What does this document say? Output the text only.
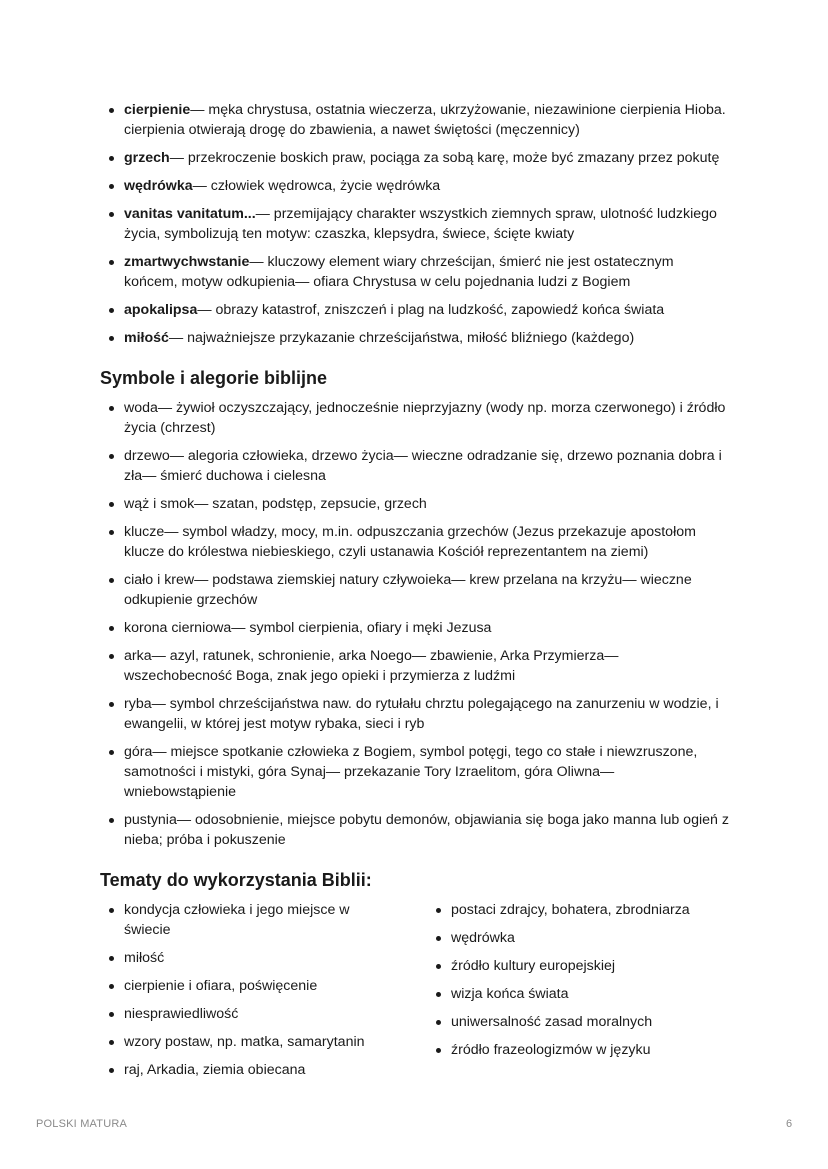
cierpienie— męka chrystusa, ostatnia wieczerza, ukrzyżowanie, niezawinione cierpienia Hioba. cierpienia otwierają drogę do zbawienia, a nawet świętości (męczennicy)
grzech— przekroczenie boskich praw, pociąga za sobą karę, może być zmazany przez pokutę
wędrówka— człowiek wędrowca, życie wędrówka
vanitas vanitatum...— przemijający charakter wszystkich ziemnych spraw, ulotność ludzkiego życia, symbolizują ten motyw: czaszka, klepsydra, świece, ścięte kwiaty
zmartwychwstanie— kluczowy element wiary chrześcijan, śmierć nie jest ostatecznym końcem, motyw odkupienia— ofiara Chrystusa w celu pojednania ludzi z Bogiem
apokalipsa— obrazy katastrof, zniszczeń i plag na ludzkość, zapowiedź końca świata
miłość— najważniejsze przykazanie chrześcijaństwa, miłość bliźniego (każdego)
Symbole i alegorie biblijne
woda— żywioł oczyszczający, jednocześnie nieprzyjazny (wody np. morza czerwonego) i źródło życia (chrzest)
drzewo— alegoria człowieka, drzewo życia— wieczne odradzanie się, drzewo poznania dobra i zła— śmierć duchowa i cielesna
wąż i smok— szatan, podstęp, zepsucie, grzech
klucze— symbol władzy, mocy, m.in. odpuszczania grzechów (Jezus przekazuje apostołom klucze do królestwa niebieskiego, czyli ustanawia Kościół reprezentantem na ziemi)
ciało i krew— podstawa ziemskiej natury czływoieka— krew przelana na krzyżu— wieczne odkupienie grzechów
korona cierniowa— symbol cierpienia, ofiary i męki Jezusa
arka— azyl, ratunek, schronienie, arka Noego— zbawienie, Arka Przymierza— wszechobecność Boga, znak jego opieki i przymierza z ludźmi
ryba— symbol chrześcijaństwa naw. do rytułału chrztu polegającego na zanurzeniu w wodzie, i ewangelii, w której jest motyw rybaka, sieci i ryb
góra— miejsce spotkanie człowieka z Bogiem, symbol potęgi, tego co stałe i niewzruszone, samotności i mistyki, góra Synaj— przekazanie Tory Izraelitom, góra Oliwna— wniebowstąpienie
pustynia— odosobnienie, miejsce pobytu demonów, objawiania się boga jako manna lub ogień z nieba; próba i pokuszenie
Tematy do wykorzystania Biblii:
kondycja człowieka i jego miejsce w świecie
miłość
cierpienie i ofiara, poświęcenie
niesprawiedliwość
wzory postaw, np. matka, samarytanin
raj, Arkadia, ziemia obiecana
postaci zdrajcy, bohatera, zbrodniarza
wędrówka
źródło kultury europejskiej
wizja końca świata
uniwersalność zasad moralnych
źródło frazeologizmów w języku
POLSKI MATURA	6
